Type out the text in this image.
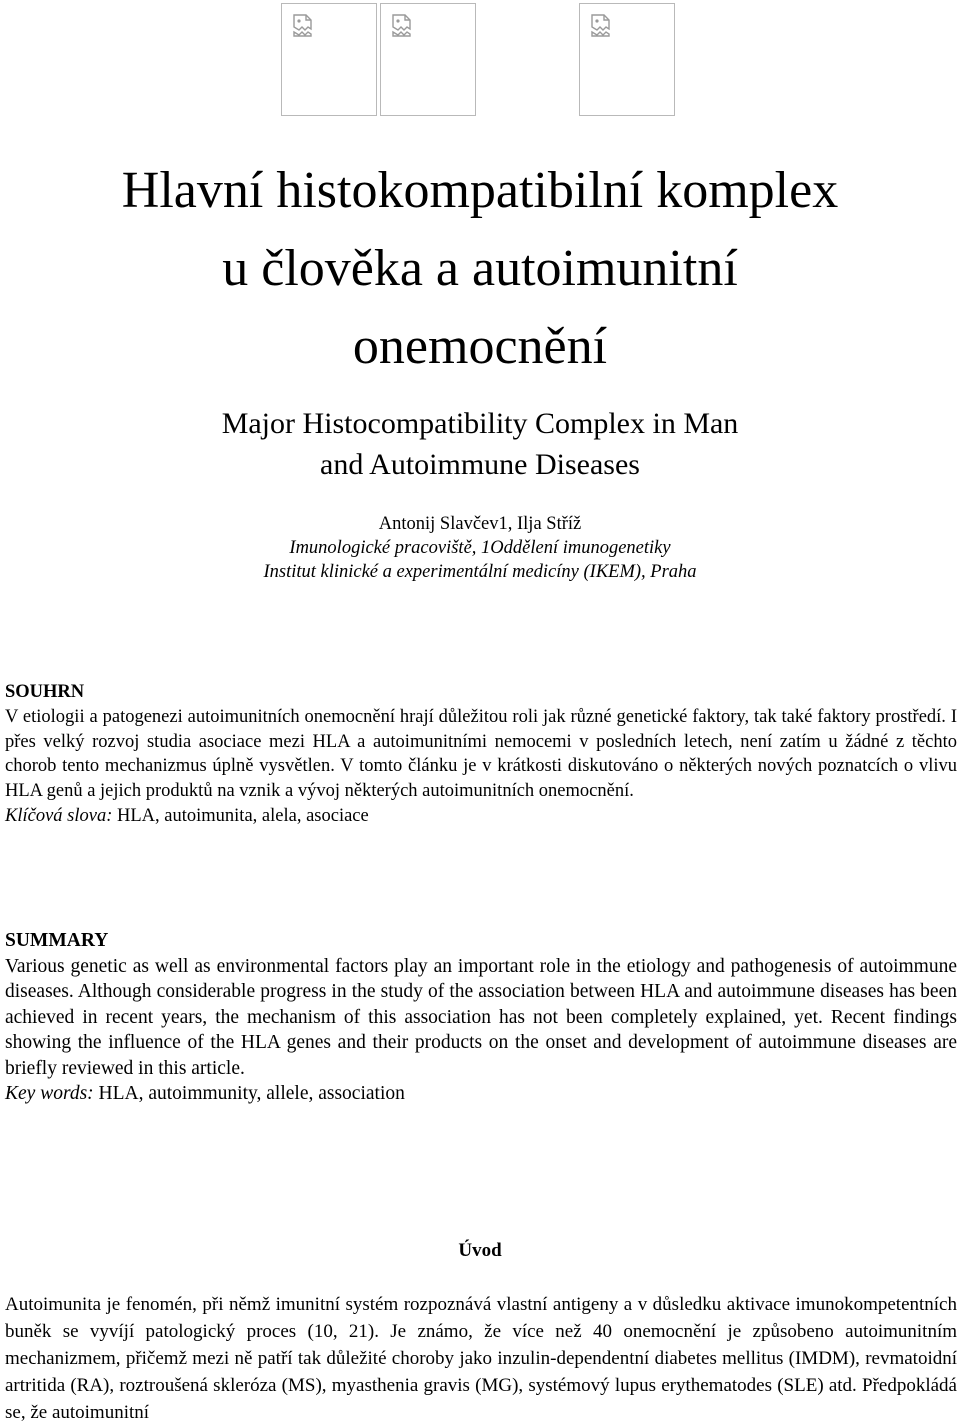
Hlavní histokompatibilní komplex
u člověka a autoimunitní
onemocnění
Major Histocompatibility Complex in Man
and Autoimmune Diseases
Antonij Slavčev1, Ilja Stříž
Imunologické pracoviště, 1Oddělení imunogenetiky
Institut klinické a experimentální medicíny (IKEM), Praha
SOUHRN

V etiologii a patogenezi autoimunitních onemocnění hrají důležitou roli jak různé genetické faktory, tak také faktory prostředí. I přes velký rozvoj studia asociace mezi HLA a autoimunitními nemocemi v posledních letech, není zatím u žádné z těchto chorob tento mechanizmus úplně vysvětlen. V tomto článku je v krátkosti diskutováno o některých nových poznatcích o vlivu HLA genů a jejich produktů na vznik a vývoj některých autoimunitních onemocnění.

Klíčová slova: HLA, autoimunita, alela, asociace

SUMMARY

Various genetic as well as environmental factors play an important role in the etiology and pathogenesis of autoimmune diseases. Although considerable progress in the study of the association between HLA and autoimmune diseases has been achieved in recent years, the mechanism of this association has not been completely explained, yet. Recent findings showing the influence of the HLA genes and their products on the onset and development of autoimmune diseases are briefly reviewed in this article.

Key words: HLA, autoimmunity, allele, association

Úvod

Autoimunita je fenomén, při němž imunitní systém rozpoznává vlastní antigeny a v důsledku aktivace imunokompetentních buněk se vyvíjí patologický proces (10, 21). Je známo, že více než 40 onemocnění je způsobeno autoimunitním mechanizmem, přičemž mezi ně patří tak důležité choroby jako inzulin-dependentní diabetes mellitus (IMDM), revmatoidní artritida (RA), roztroušená skleróza (MS), myasthenia gravis (MG), systémový lupus erythematodes (SLE) atd. Předpokládá se, že autoimunitní
